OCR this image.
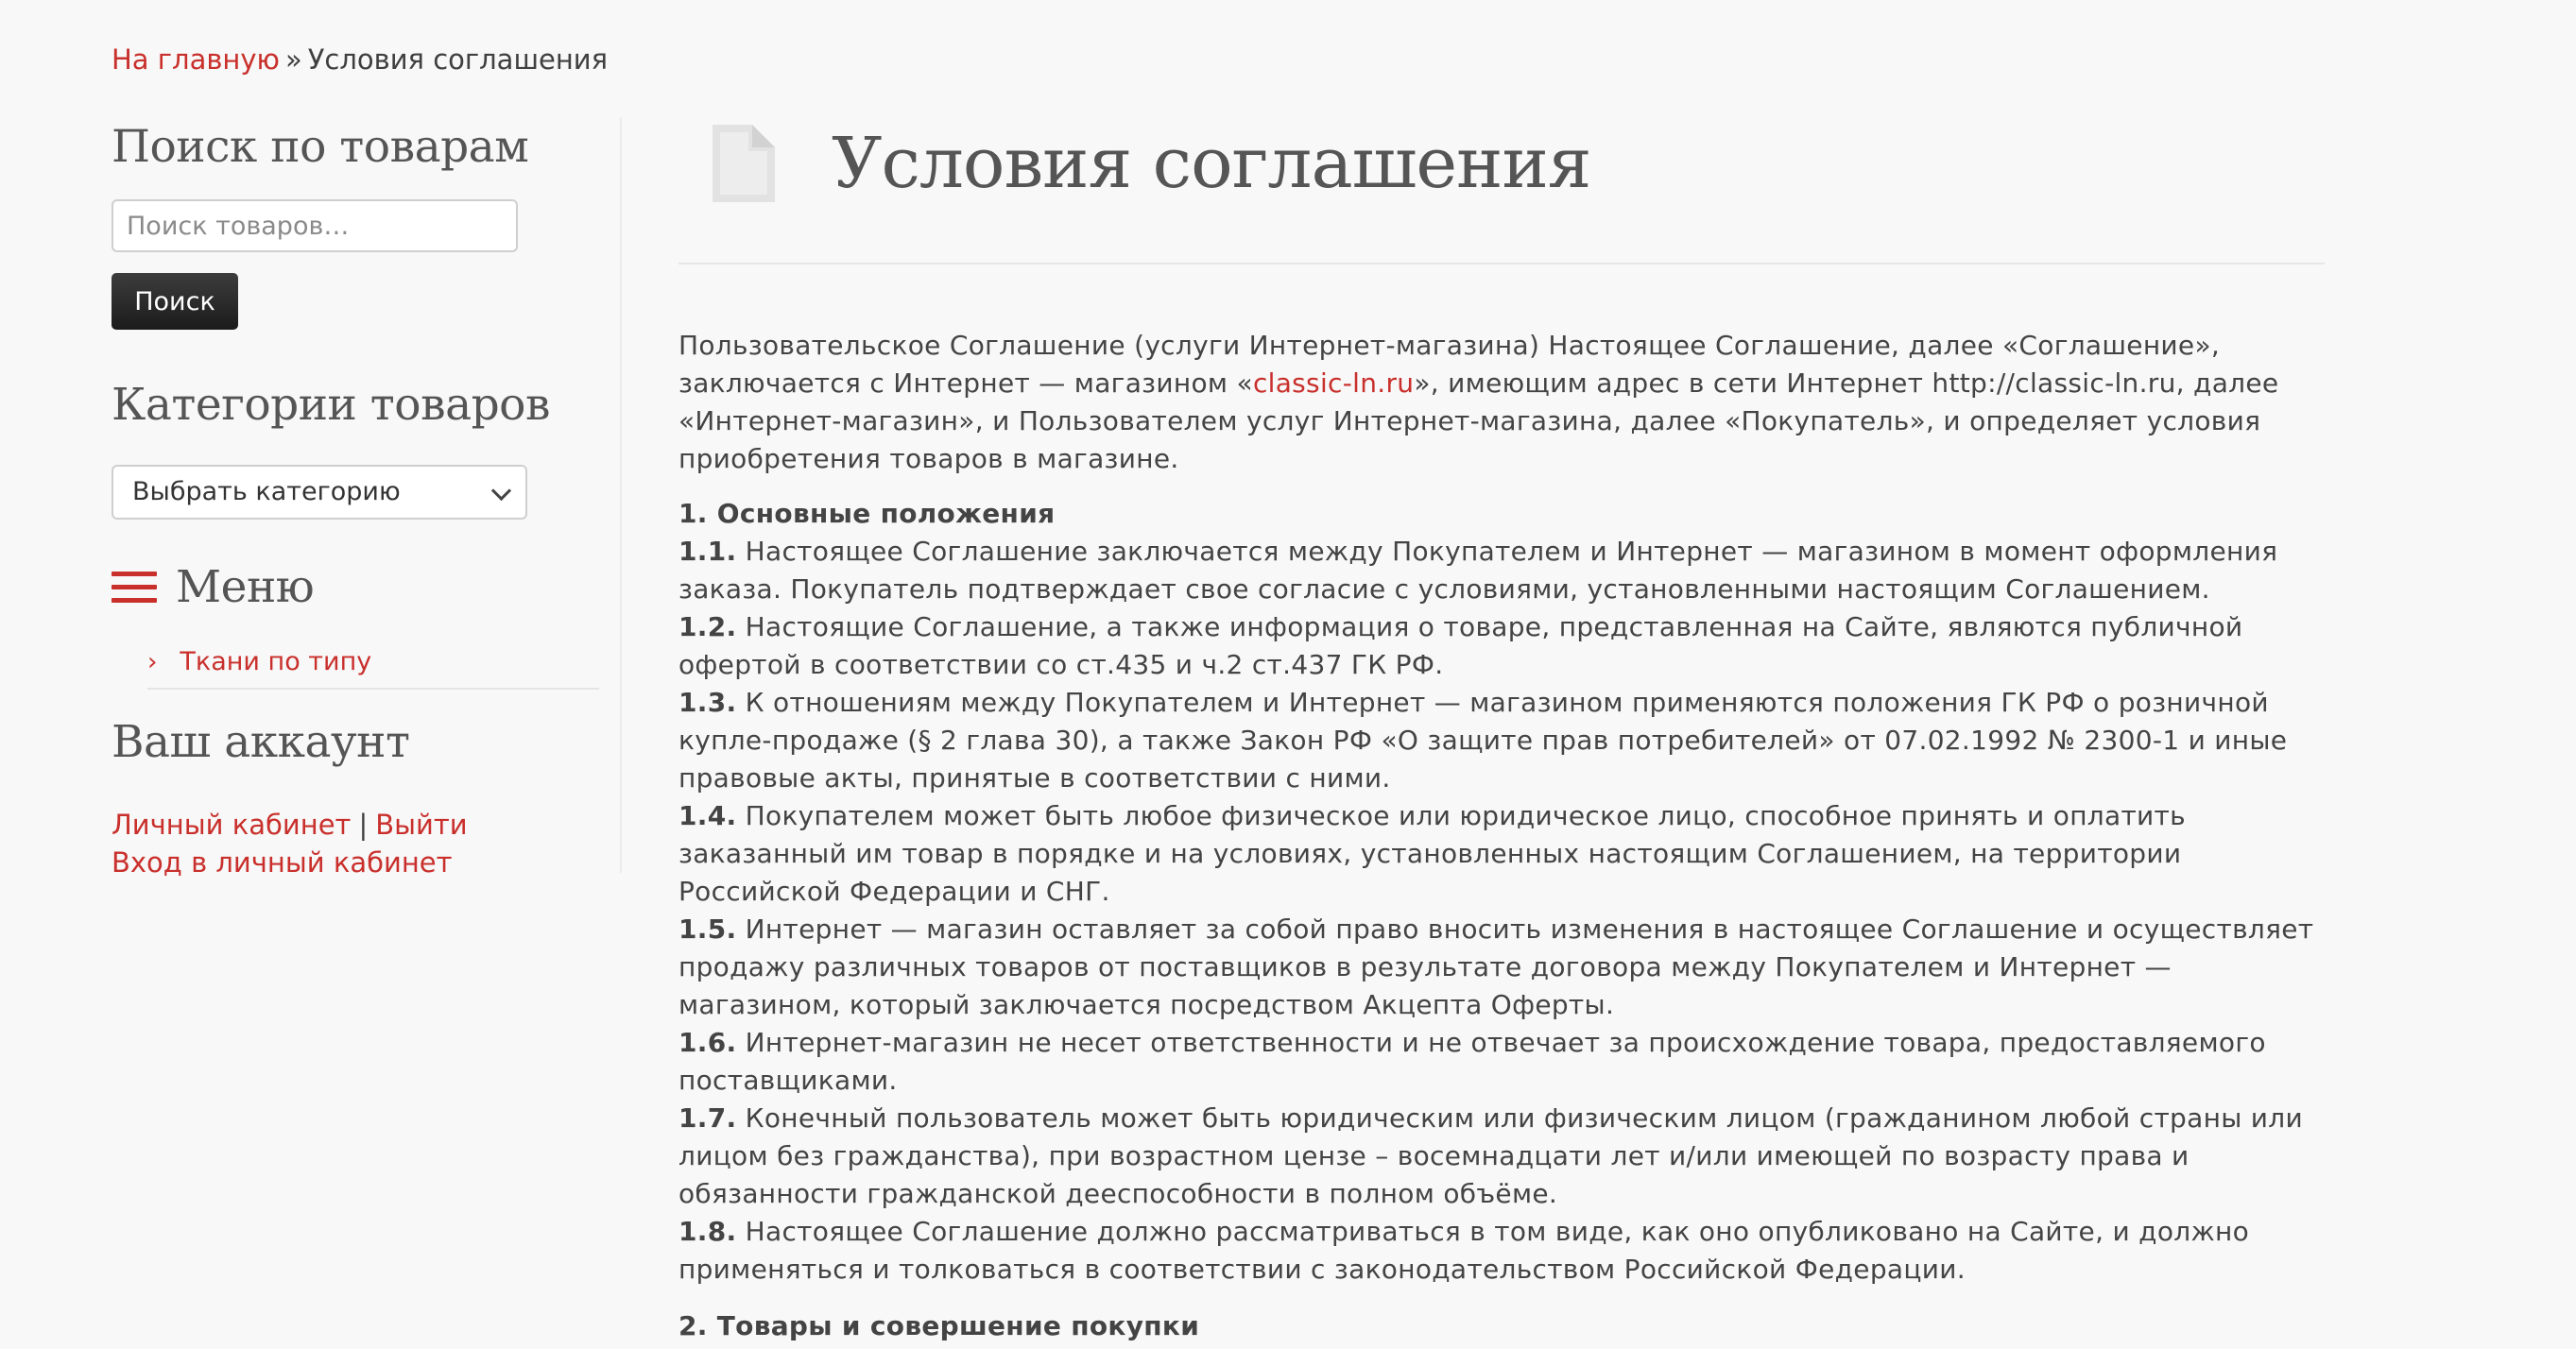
На главную » Условия соглашения
Поиск по товарам
Поиск товаров…
Поиск
Категории товаров
Выбрать категорию
Меню
› Ткани по типу
Ваш аккаунт
Личный кабинет | Выйти
Вход в личный кабинет
Условия соглашения

Пользовательское Соглашение (услуги Интернет-магазина) Настоящее Соглашение, далее «Соглашение», заключается с Интернет — магазином «classic-ln.ru», имеющим адрес в сети Интернет http://classic-ln.ru, далее «Интернет-магазин», и Пользователем услуг Интернет-магазина, далее «Покупатель», и определяет условия приобретения товаров в магазине.

1. Основные положения
1.1. Настоящее Соглашение заключается между Покупателем и Интернет — магазином в момент оформления заказа. Покупатель подтверждает свое согласие с условиями, установленными настоящим Соглашением.
1.2. Настоящие Соглашение, а также информация о товаре, представленная на Сайте, являются публичной офертой в соответствии со ст.435 и ч.2 ст.437 ГК РФ.
1.3. К отношениям между Покупателем и Интернет — магазином применяются положения ГК РФ о розничной купле-продаже (§ 2 глава 30), а также Закон РФ «О защите прав потребителей» от 07.02.1992 № 2300-1 и иные правовые акты, принятые в соответствии с ними.
1.4. Покупателем может быть любое физическое или юридическое лицо, способное принять и оплатить заказанный им товар в порядке и на условиях, установленных настоящим Соглашением, на территории Российской Федерации и СНГ.
1.5. Интернет — магазин оставляет за собой право вносить изменения в настоящее Соглашение и осуществляет продажу различных товаров от поставщиков в результате договора между Покупателем и Интернет — магазином, который заключается посредством Акцепта Оферты.
1.6. Интернет-магазин не несет ответственности и не отвечает за происхождение товара, предоставляемого поставщиками.
1.7. Конечный пользователь может быть юридическим или физическим лицом (гражданином любой страны или лицом без гражданства), при возрастном цензе – восемнадцати лет и/или имеющей по возрасту права и обязанности гражданской дееспособности в полном объёме.
1.8. Настоящее Соглашение должно рассматриваться в том виде, как оно опубликовано на Сайте, и должно применяться и толковаться в соответствии с законодательством Российской Федерации.
2. Товары и совершение покупки
